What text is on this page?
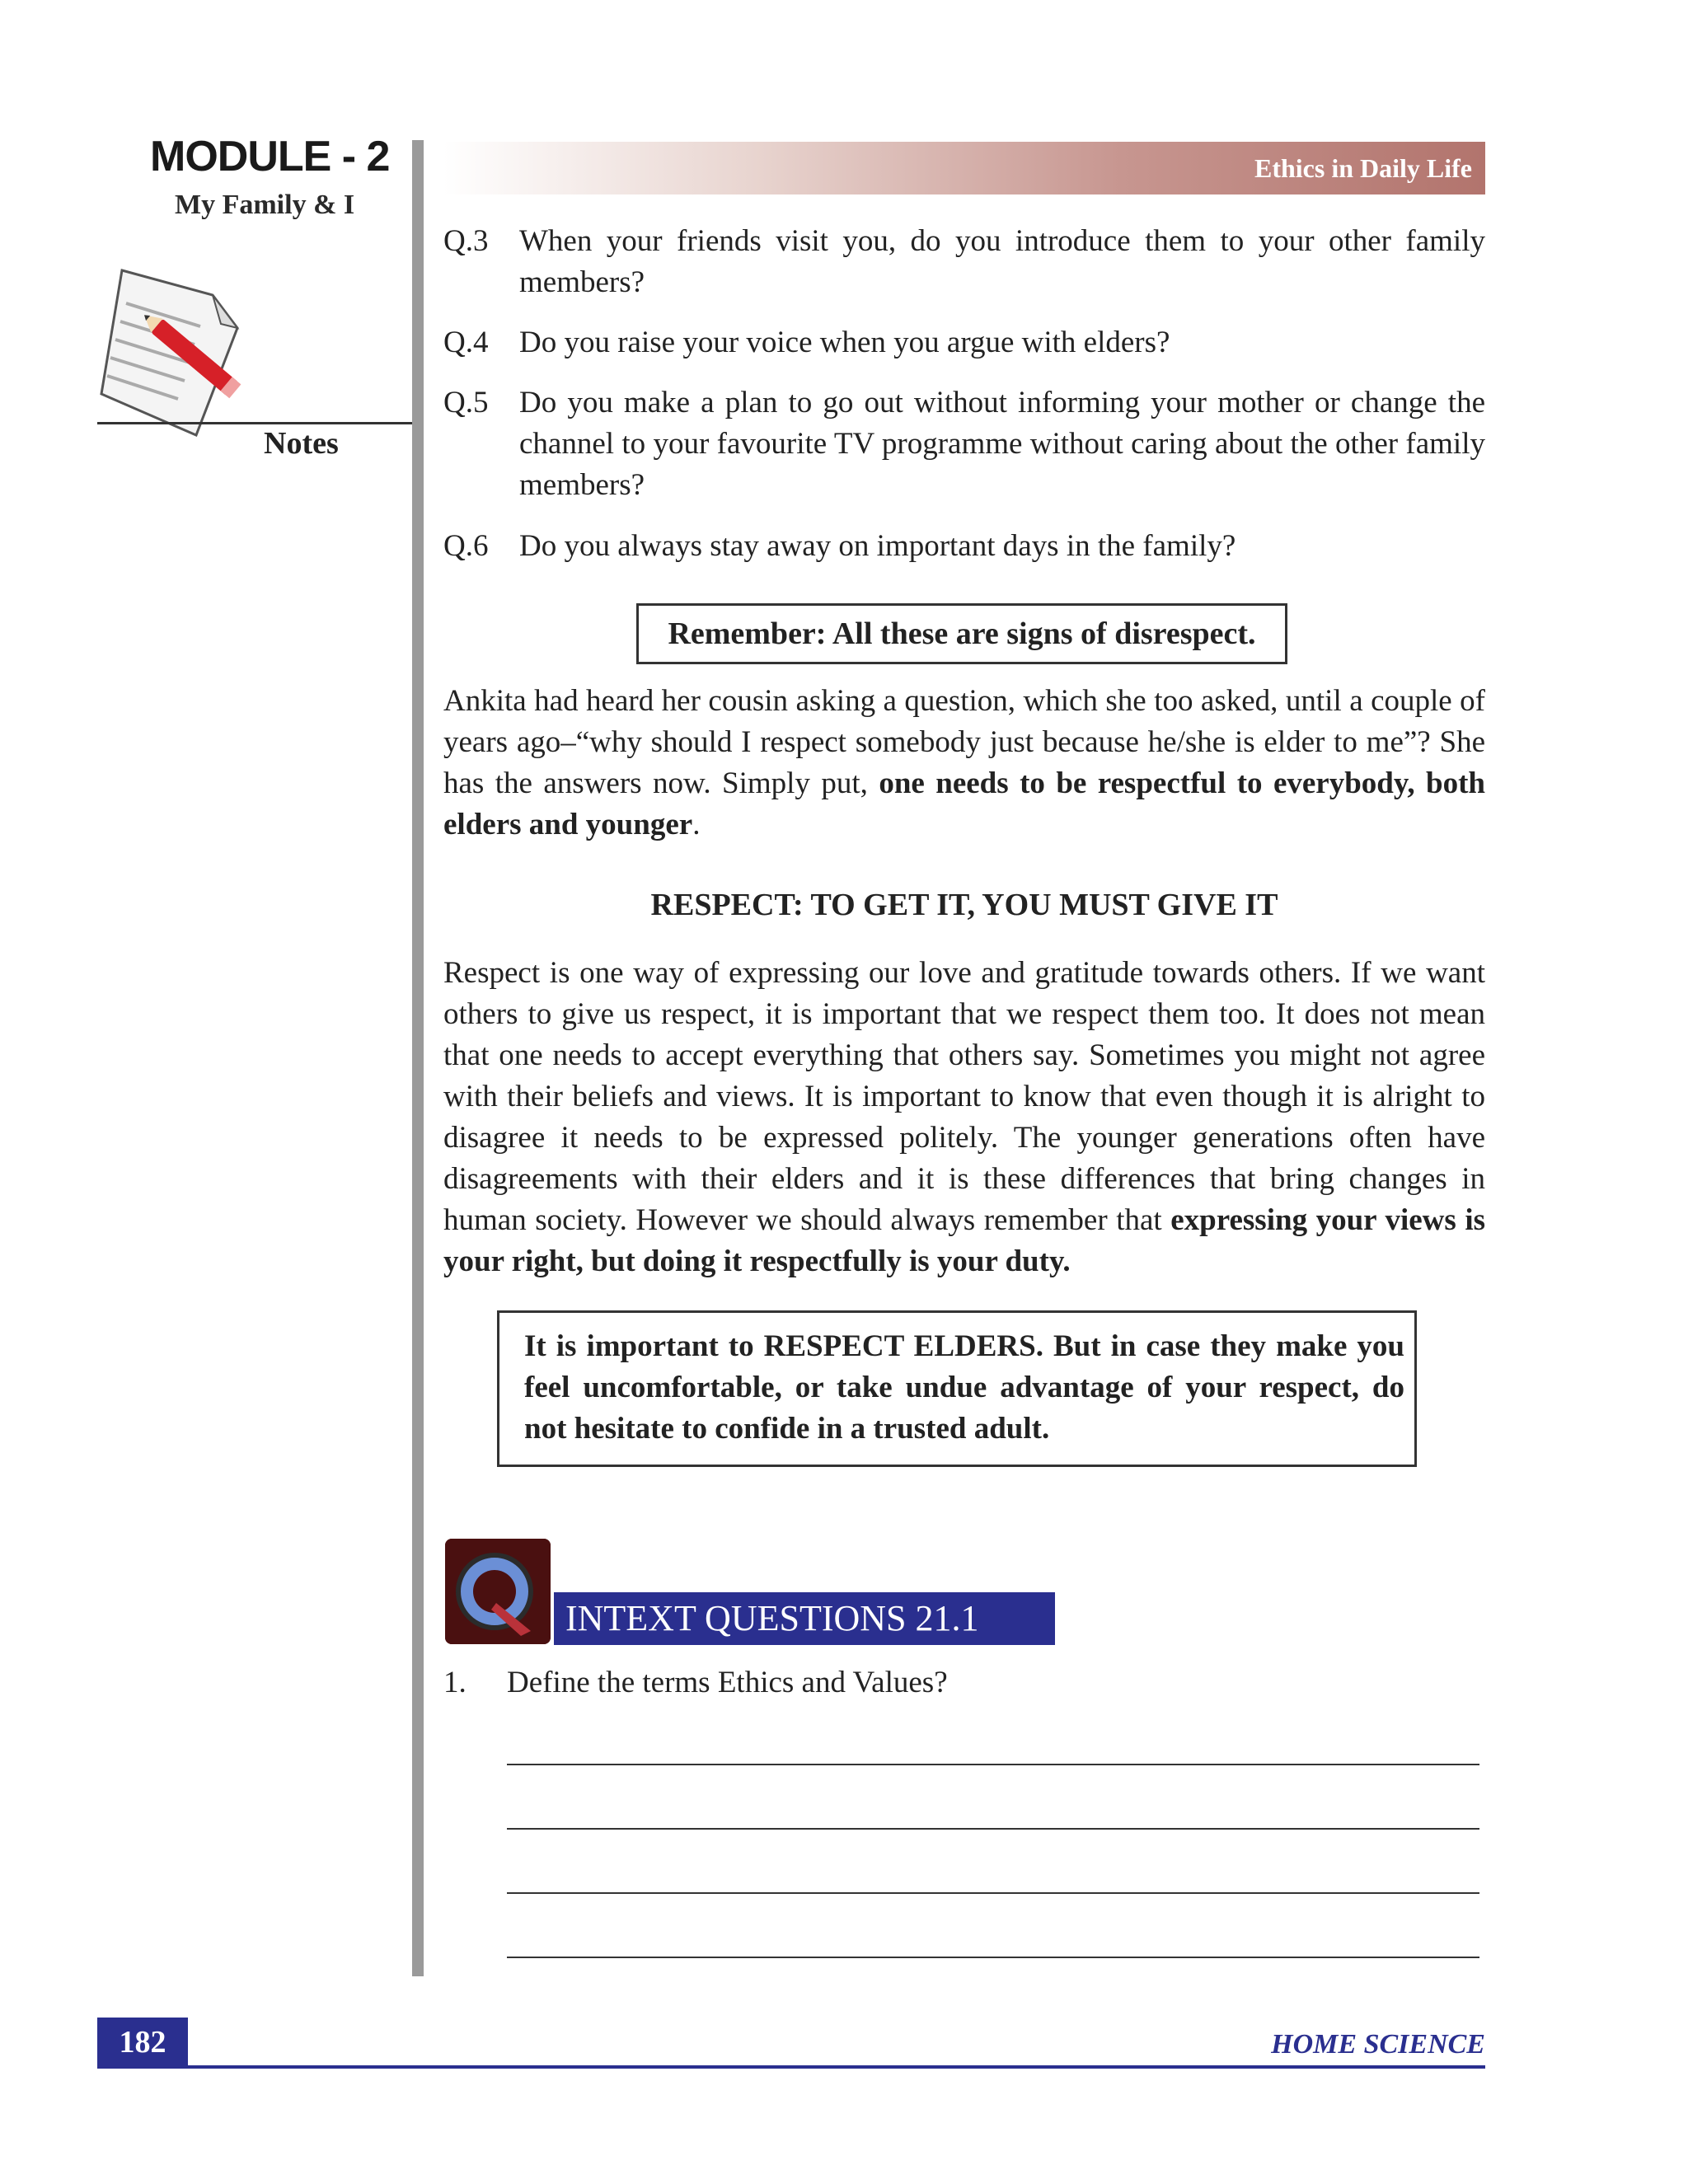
MODULE - 2
My Family & I
Notes
Ethics in Daily Life
Q.3 When your friends visit you, do you introduce them to your other family members?
Q.4 Do you raise your voice when you argue with elders?
Q.5 Do you make a plan to go out without informing your mother or change the channel to your favourite TV programme without caring about the other family members?
Q.6 Do you always stay away on important days in the family?
Remember: All these are signs of disrespect.
Ankita had heard her cousin asking a question, which she too asked, until a couple of years ago–“why should I respect somebody just because he/she is elder to me”? She has the answers now. Simply put, one needs to be respectful to everybody, both elders and younger.
RESPECT: TO GET IT, YOU MUST GIVE IT
Respect is one way of expressing our love and gratitude towards others. If we want others to give us respect, it is important that we respect them too. It does not mean that one needs to accept everything that others say. Sometimes you might not agree with their beliefs and views. It is important to know that even though it is alright to disagree it needs to be expressed politely. The younger generations often have disagreements with their elders and it is these differences that bring changes in human society. However we should always remember that expressing your views is your right, but doing it respectfully is your duty.
It is important to RESPECT ELDERS. But in case they make you feel uncomfortable, or take undue advantage of your respect, do not hesitate to confide in a trusted adult.
INTEXT QUESTIONS 21.1
1. Define the terms Ethics and Values?
182	HOME SCIENCE
